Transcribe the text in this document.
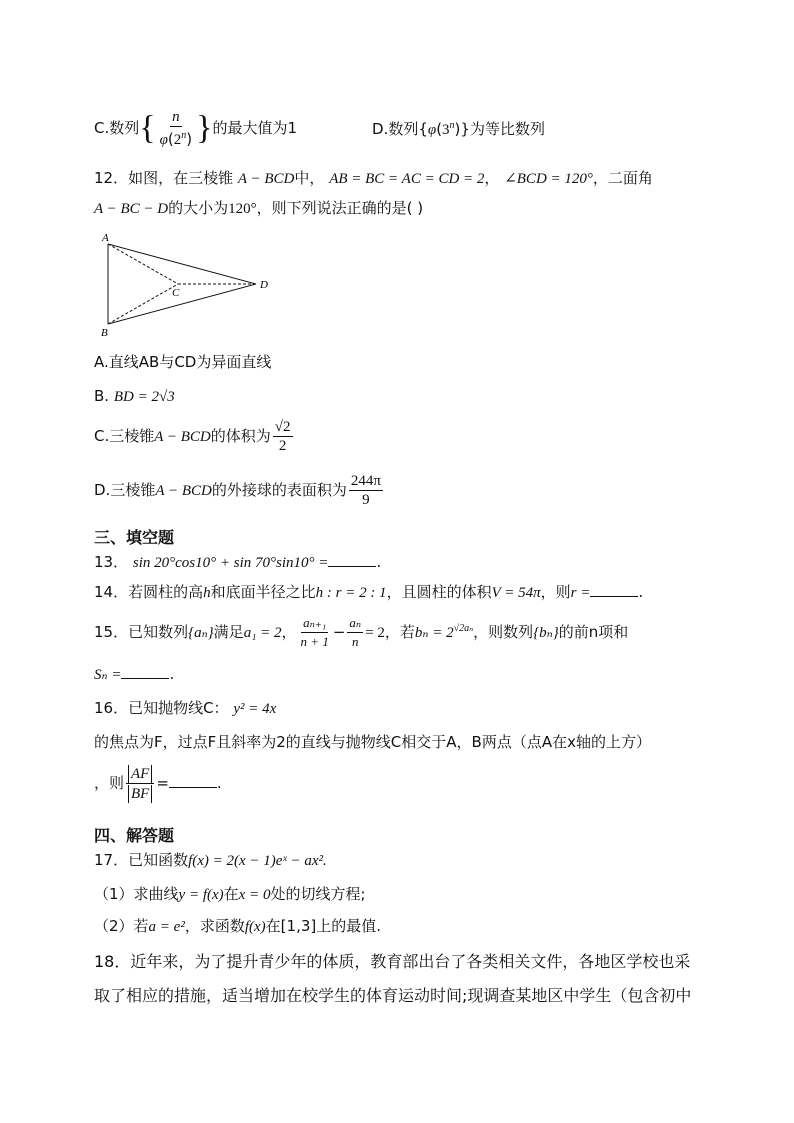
C.数列{ $\frac{n}{\varphi(2^n)}$ }的最大值为1	D.数列{φ(3$^n$)}为等比数列
12．如图，在三棱锥 A − BCD中， AB = BC = AC = CD = 2， ∠BCD = 120°，二面角
A − BC − D的大小为120°，则下列说法正确的是( )
A
B
C
D
A.直线AB与CD为异面直线
B. BD = 2√3
C.三棱锥A − BCD的体积为 $\frac{√2}{2}$
D.三棱锥A − BCD的外接球的表面积为 $\frac{244\pi}{9}$
三、填空题
13． sin 20°cos10° + sin 70°sin10° =	.
14．若圆柱的高h和底面半径之比h : r = 2 : 1，且圆柱的体积V = 54π，则r =	.
15．已知数列{aₙ}满足a₁ = 2， $\frac{\text{aₙ₊₁}}{n + 1} - \frac{\text{aₙ}}{n} = 2$，若$b_n = 2^{√2a_n}$，则数列{bₙ}的前n项和
Sₙ =	.
16．已知抛物线C： y² = 4x
的焦点为F，过点F且斜率为2的直线与抛物线C相交于A，B两点（点A在x轴的上方）
，则 $\frac{AF}{BF}$ =	.
四、解答题
17．已知函数f(x) = 2(x − 1)eˣ − ax².
（1）求曲线y = f(x)在x = 0处的切线方程;
（2）若a = e²，求函数f(x)在[1,3]上的最值.
18．近年来，为了提升青少年的体质，教育部出台了各类相关文件，各地区学校也采
取了相应的措施，适当增加在校学生的体育运动时间;现调查某地区中学生（包含初中
